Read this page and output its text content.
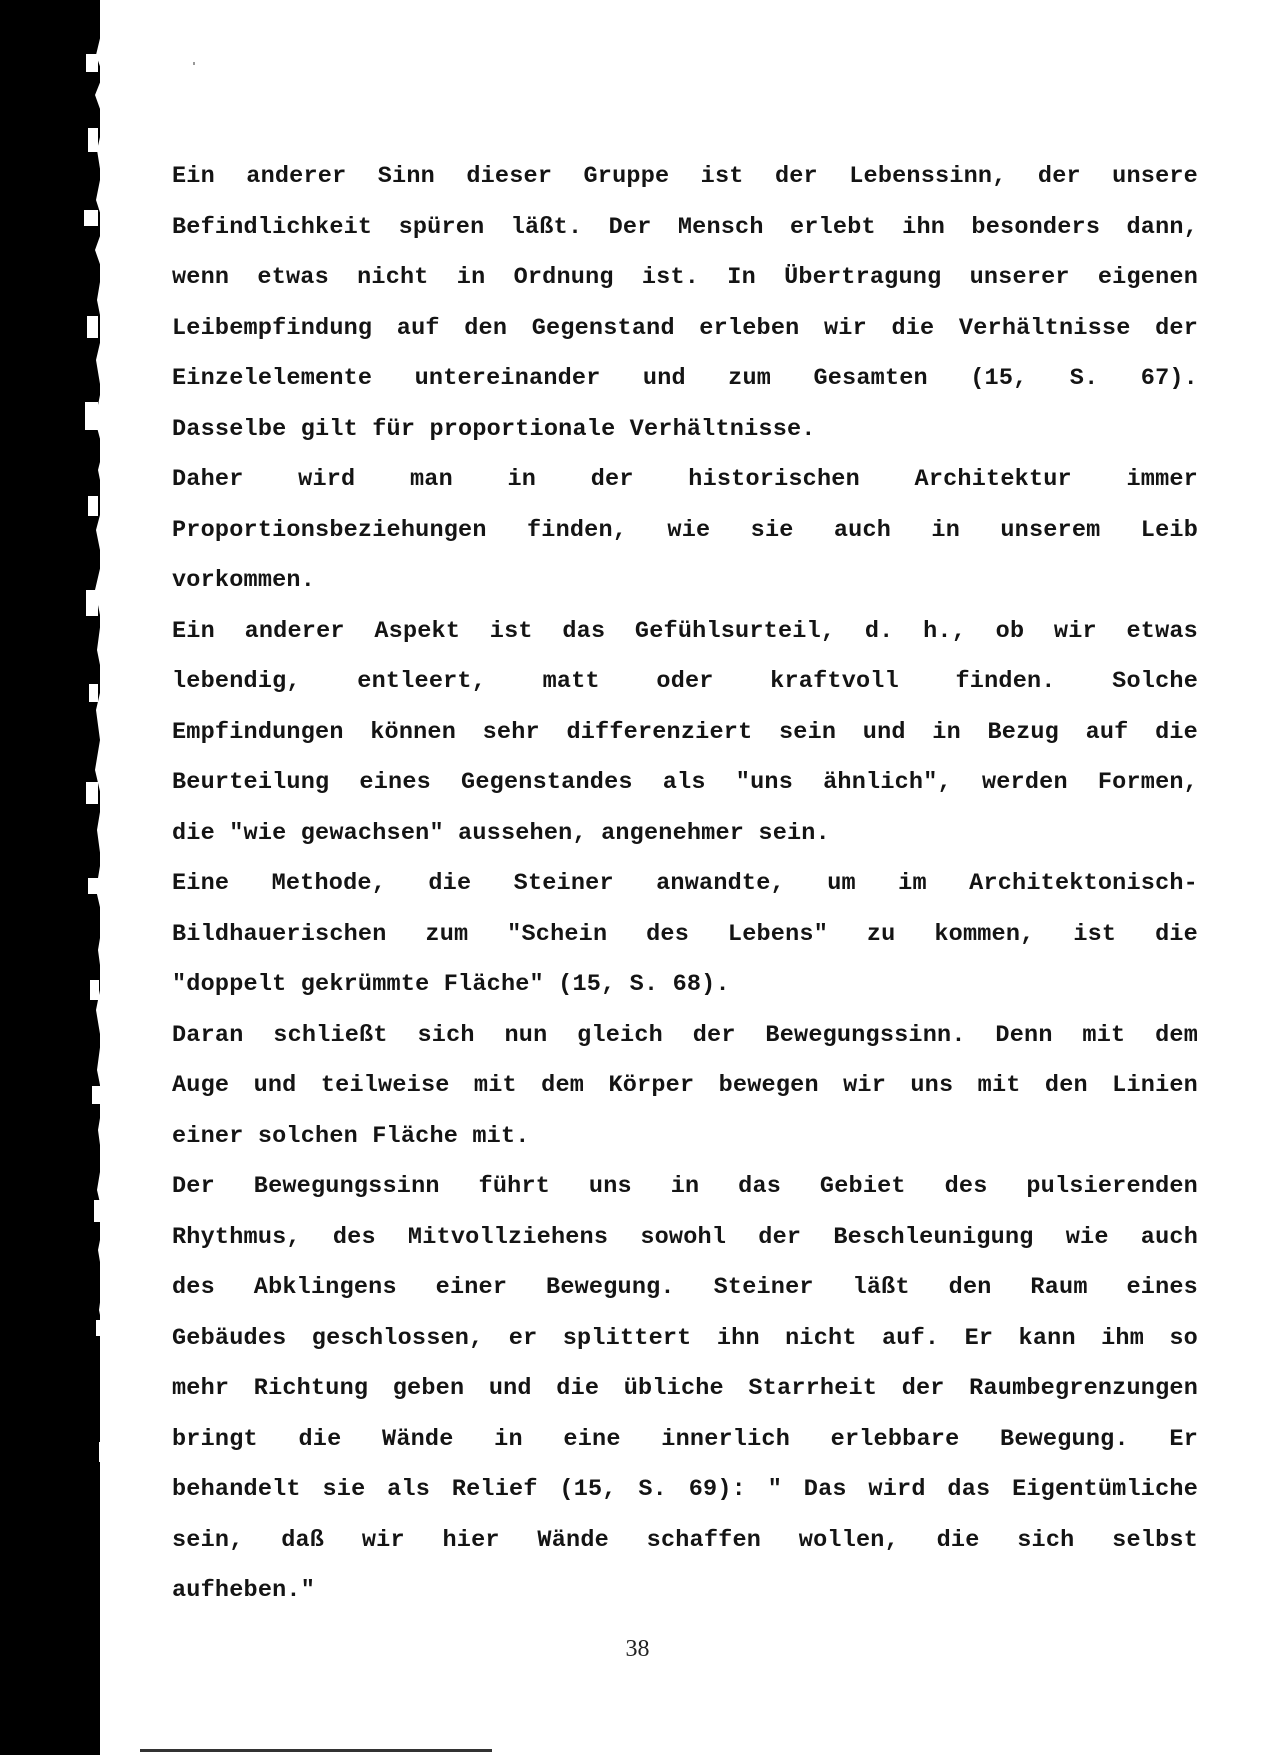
Ein anderer Sinn dieser Gruppe ist der Lebenssinn, der unsere
Befindlichkeit spüren läßt. Der Mensch erlebt ihn besonders dann,
wenn etwas nicht in Ordnung ist. In Übertragung unserer eigenen
Leibempfindung auf den Gegenstand erleben wir die Verhältnisse der
Einzelelemente untereinander und zum Gesamten (15, S. 67).
Dasselbe gilt für proportionale Verhältnisse.
Daher wird man in der historischen Architektur immer
Proportionsbeziehungen finden, wie sie auch in unserem Leib
vorkommen.
Ein anderer Aspekt ist das Gefühlsurteil, d. h., ob wir etwas
lebendig, entleert, matt oder kraftvoll finden. Solche
Empfindungen können sehr differenziert sein und in Bezug auf die
Beurteilung eines Gegenstandes als "uns ähnlich", werden Formen,
die "wie gewachsen" aussehen, angenehmer sein.
Eine Methode, die Steiner anwandte, um im Architektonisch-
Bildhauerischen zum "Schein des Lebens" zu kommen, ist die
"doppelt gekrümmte Fläche" (15, S. 68).
Daran schließt sich nun gleich der Bewegungssinn. Denn mit dem
Auge und teilweise mit dem Körper bewegen wir uns mit den Linien
einer solchen Fläche mit.
Der Bewegungssinn führt uns in das Gebiet des pulsierenden
Rhythmus, des Mitvollziehens sowohl der Beschleunigung wie auch
des Abklingens einer Bewegung. Steiner läßt den Raum eines
Gebäudes geschlossen, er splittert ihn nicht auf. Er kann ihm so
mehr Richtung geben und die übliche Starrheit der Raumbegrenzungen
bringt die Wände in eine innerlich erlebbare Bewegung. Er
behandelt sie als Relief (15, S. 69): " Das wird das Eigentümliche
sein, daß wir hier Wände schaffen wollen, die sich selbst
aufheben."
38
